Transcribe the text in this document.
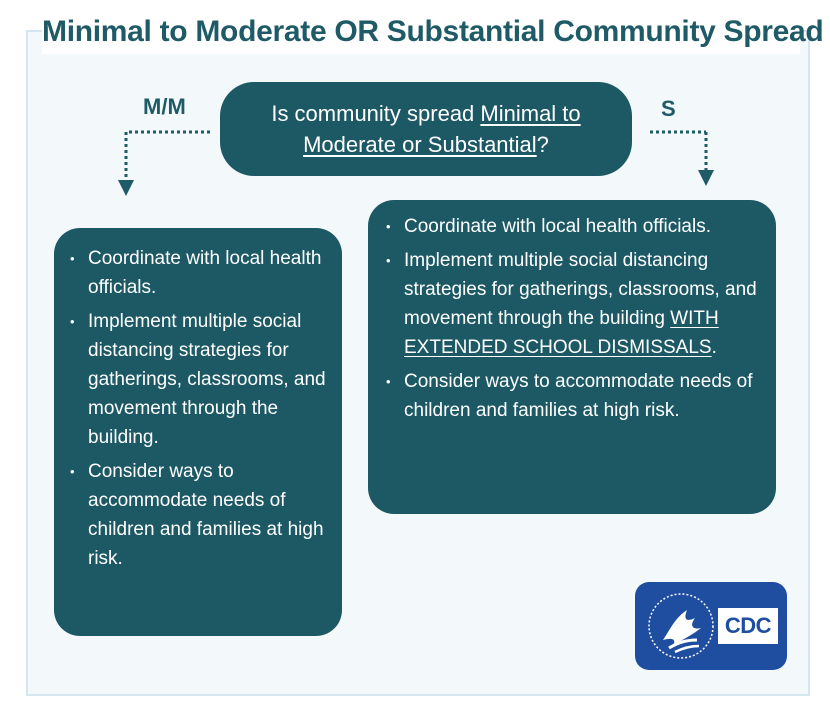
Minimal to Moderate OR Substantial Community Spread
M/M	S
Is community spread Minimal to
Moderate or Substantial?
• Coordinate with local health officials.
• Implement multiple social distancing strategies for gatherings, classrooms, and movement through the building.
• Consider ways to accommodate needs of children and families at high risk.
• Coordinate with local health officials.
• Implement multiple social distancing strategies for gatherings, classrooms, and movement through the building WITH EXTENDED SCHOOL DISMISSALS.
• Consider ways to accommodate needs of children and families at high risk.
CDC
